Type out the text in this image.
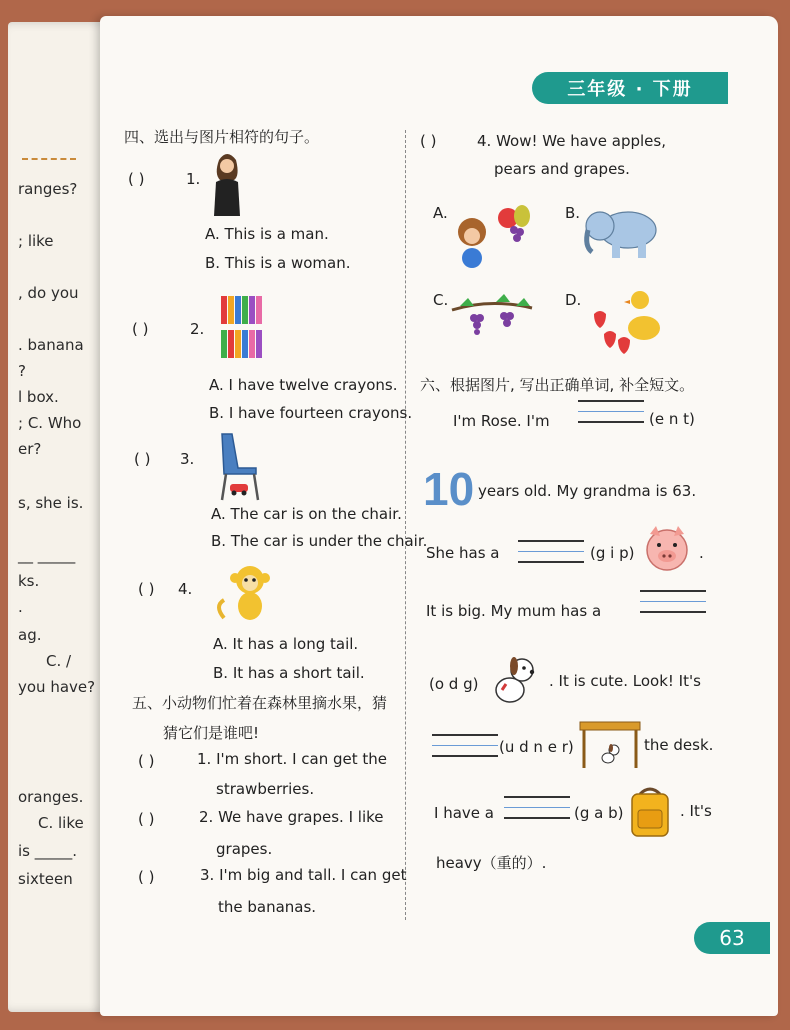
ranges?
; like
, do you
. banana
?
l box.
; C. Who
er?
s, she is.
__ _____
ks.
.
ag.
C. /
you have?
oranges.
C. like
is _____.
sixteen
三年级 · 下册
四、选出与图片相符的句子。
( )	1.
A. This is a man.
B. This is a woman.
( )	2.
A. I have twelve crayons.
B. I have fourteen crayons.
( ) 3.
A. The car is on the chair.
B. The car is under the chair.
( ) 4.
A. It has a long tail.
B. It has a short tail.
五、小动物们忙着在森林里摘水果，猜
猜它们是谁吧!
( )	1. I'm short. I can get the
strawberries.
( )	2. We have grapes. I like
grapes.
( )	3. I'm big and tall. I can get
the bananas.
( )	4. Wow! We have apples,
pears and grapes.
A.	B.
C.	D.
六、根据图片, 写出正确单词, 补全短文。
I'm Rose. I'm	(e n t)
10 years old. My grandma is 63.
She has a	(g i p)	.
It is big. My mum has a
(o d g)	. It is cute. Look! It's
(u d n e r)	the desk.
I have a	(g a b)	. It's
heavy（重的）.
63
